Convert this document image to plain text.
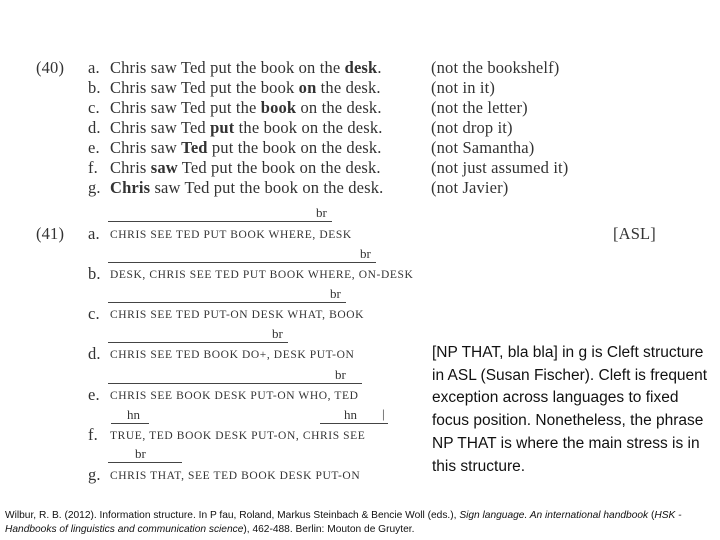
(40) a. Chris saw Ted put the book on the desk.	(not the bookshelf)
b. Chris saw Ted put the book on the desk.	(not in it)
c. Chris saw Ted put the book on the desk.	(not the letter)
d. Chris saw Ted put the book on the desk.	(not drop it)
e. Chris saw Ted put the book on the desk.	(not Samantha)
f. Chris saw Ted put the book on the desk.	(not just assumed it)
g. Chris saw Ted put the book on the desk.	(not Javier)
(41)	[ASL]
br
a. CHRIS SEE TED PUT BOOK WHERE, DESK
br
b. DESK, CHRIS SEE TED PUT BOOK WHERE, ON-DESK
br
c. CHRIS SEE TED PUT-ON DESK WHAT, BOOK
br
d. CHRIS SEE TED BOOK DO+, DESK PUT-ON
br
e. CHRIS SEE BOOK DESK PUT-ON WHO, TED
hn	hn |
f. TRUE, TED BOOK DESK PUT-ON, CHRIS SEE
br
g. CHRIS THAT, SEE TED BOOK DESK PUT-ON
[NP THAT, bla bla] in g is Cleft structure in ASL (Susan Fischer). Cleft is frequent exception across languages to fixed focus position. Nonetheless, the phrase NP THAT is where the main stress is in this structure.
Wilbur, R. B. (2012). Information structure. In P fau, Roland, Markus Steinbach & Bencie Woll (eds.), Sign language. An international handbook (HSK - Handbooks of linguistics and communication science), 462-488. Berlin: Mouton de Gruyter.
